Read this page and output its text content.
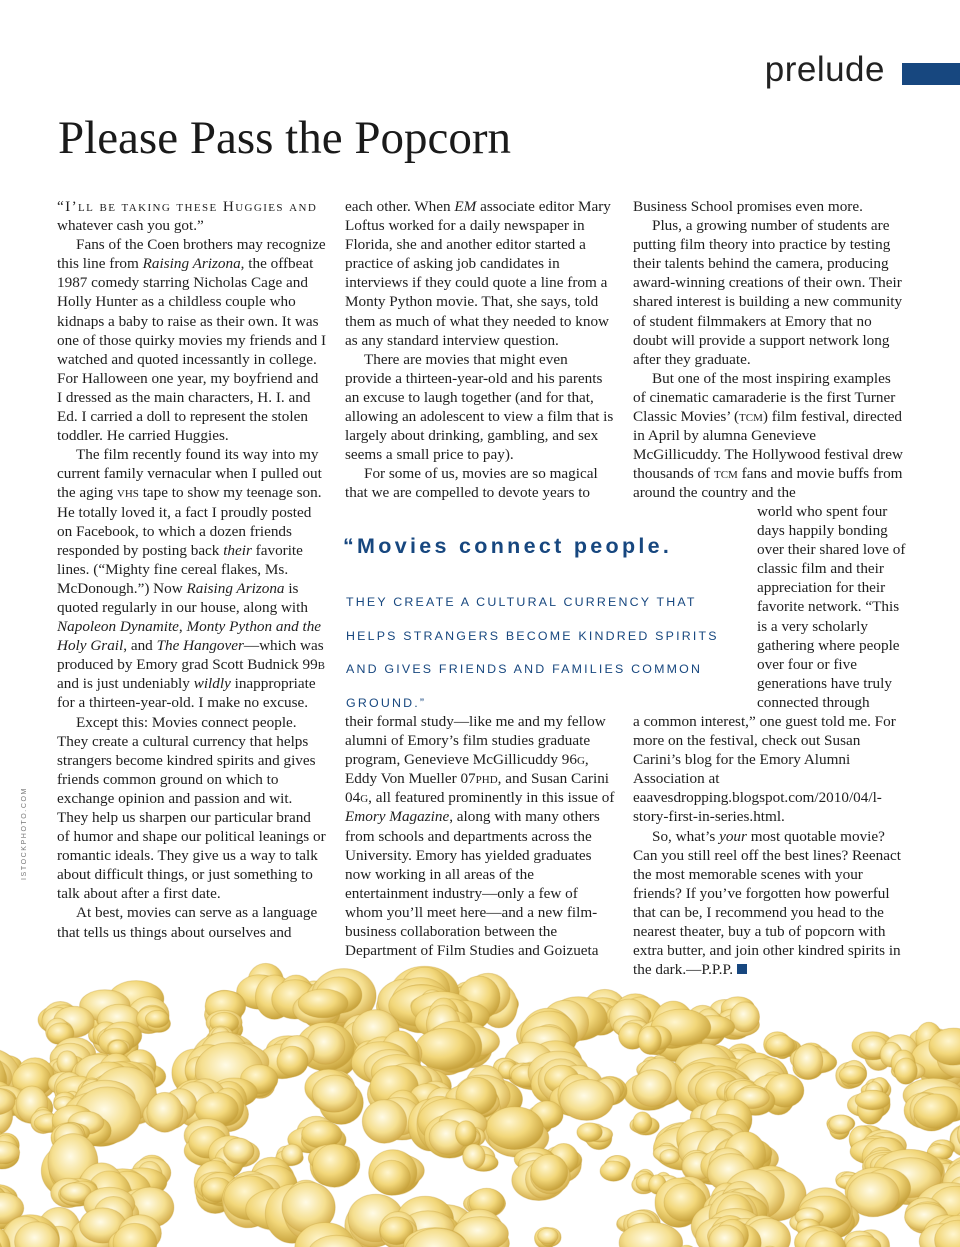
prelude
Please Pass the Popcorn

“I’ll be taking these Huggies and whatever cash you got.”

Fans of the Coen brothers may recognize this line from Raising Arizona, the offbeat 1987 comedy starring Nicholas Cage and Holly Hunter as a childless couple who kidnaps a baby to raise as their own. It was one of those quirky movies my friends and I watched and quoted incessantly in college. For Halloween one year, my boyfriend and I dressed as the main characters, H. I. and Ed. I carried a doll to represent the stolen toddler. He carried Huggies.

The film recently found its way into my current family vernacular when I pulled out the aging vhs tape to show my teenage son. He totally loved it, a fact I proudly posted on Facebook, to which a dozen friends responded by posting back their favorite lines. (“Mighty fine cereal flakes, Ms. McDonough.”) Now Raising Arizona is quoted regularly in our house, along with Napoleon Dynamite, Monty Python and the Holy Grail, and The Hangover—which was produced by Emory grad Scott Budnick 99b and is just undeniably wildly inappropriate for a thirteen-year-old. I make no excuse.

Except this: Movies connect people. They create a cultural currency that helps strangers become kindred spirits and gives friends common ground on which to exchange opinion and passion and wit. They help us sharpen our particular brand of humor and shape our political leanings or romantic ideals. They give us a way to talk about difficult things, or just something to talk about after a first date.

At best, movies can serve as a language that tells us things about ourselves and

each other. When EM associate editor Mary Loftus worked for a daily newspaper in Florida, she and another editor started a practice of asking job candidates in interviews if they could quote a line from a Monty Python movie. That, she says, told them as much of what they needed to know as any standard interview question.

There are movies that might even provide a thirteen-year-old and his parents an excuse to laugh together (and for that, allowing an adolescent to view a film that is largely about drinking, gambling, and sex seems a small price to pay).

For some of us, movies are so magical that we are compelled to devote years to

“Movies connect people.
THEY CREATE A CULTURAL CURRENCY THAT HELPS STRANGERS BECOME KINDRED SPIRITS AND GIVES FRIENDS AND FAMILIES COMMON GROUND.”

their formal study—like me and my fellow alumni of Emory’s film studies graduate program, Genevieve McGillicuddy 96g, Eddy Von Mueller 07phd, and Susan Carini 04g, all featured prominently in this issue of Emory Magazine, along with many others from schools and departments across the University. Emory has yielded graduates now working in all areas of the entertainment industry—only a few of whom you’ll meet here—and a new film-business collaboration between the Department of Film Studies and Goizueta

Business School promises even more.

Plus, a growing number of students are putting film theory into practice by testing their talents behind the camera, producing award-winning creations of their own. Their shared interest is building a new community of student filmmakers at Emory that no doubt will provide a support network long after they graduate.

But one of the most inspiring examples of cinematic camaraderie is the first Turner Classic Movies’ (tcm) film festival, directed in April by alumna Genevieve McGillicuddy. The Hollywood festival drew thousands of tcm fans and movie buffs from around the country and the

world who spent four days happily bonding over their shared love of classic film and their appreciation for their favorite network. “This is a very scholarly gathering where people over four or five generations have truly connected through

a common interest,” one guest told me. For more on the festival, check out Susan Carini’s blog for the Emory Alumni Association at eaavesdropping.blogspot.com/2010/04/l-story-first-in-series.html.

So, what’s your most quotable movie? Can you still reel off the best lines? Reenact the most memorable scenes with your friends? If you’ve forgotten how powerful that can be, I recommend you head to the nearest theater, buy a tub of popcorn with extra butter, and join other kindred spirits in the dark.—P.P.P.

ISTOCKPHOTO.COM
